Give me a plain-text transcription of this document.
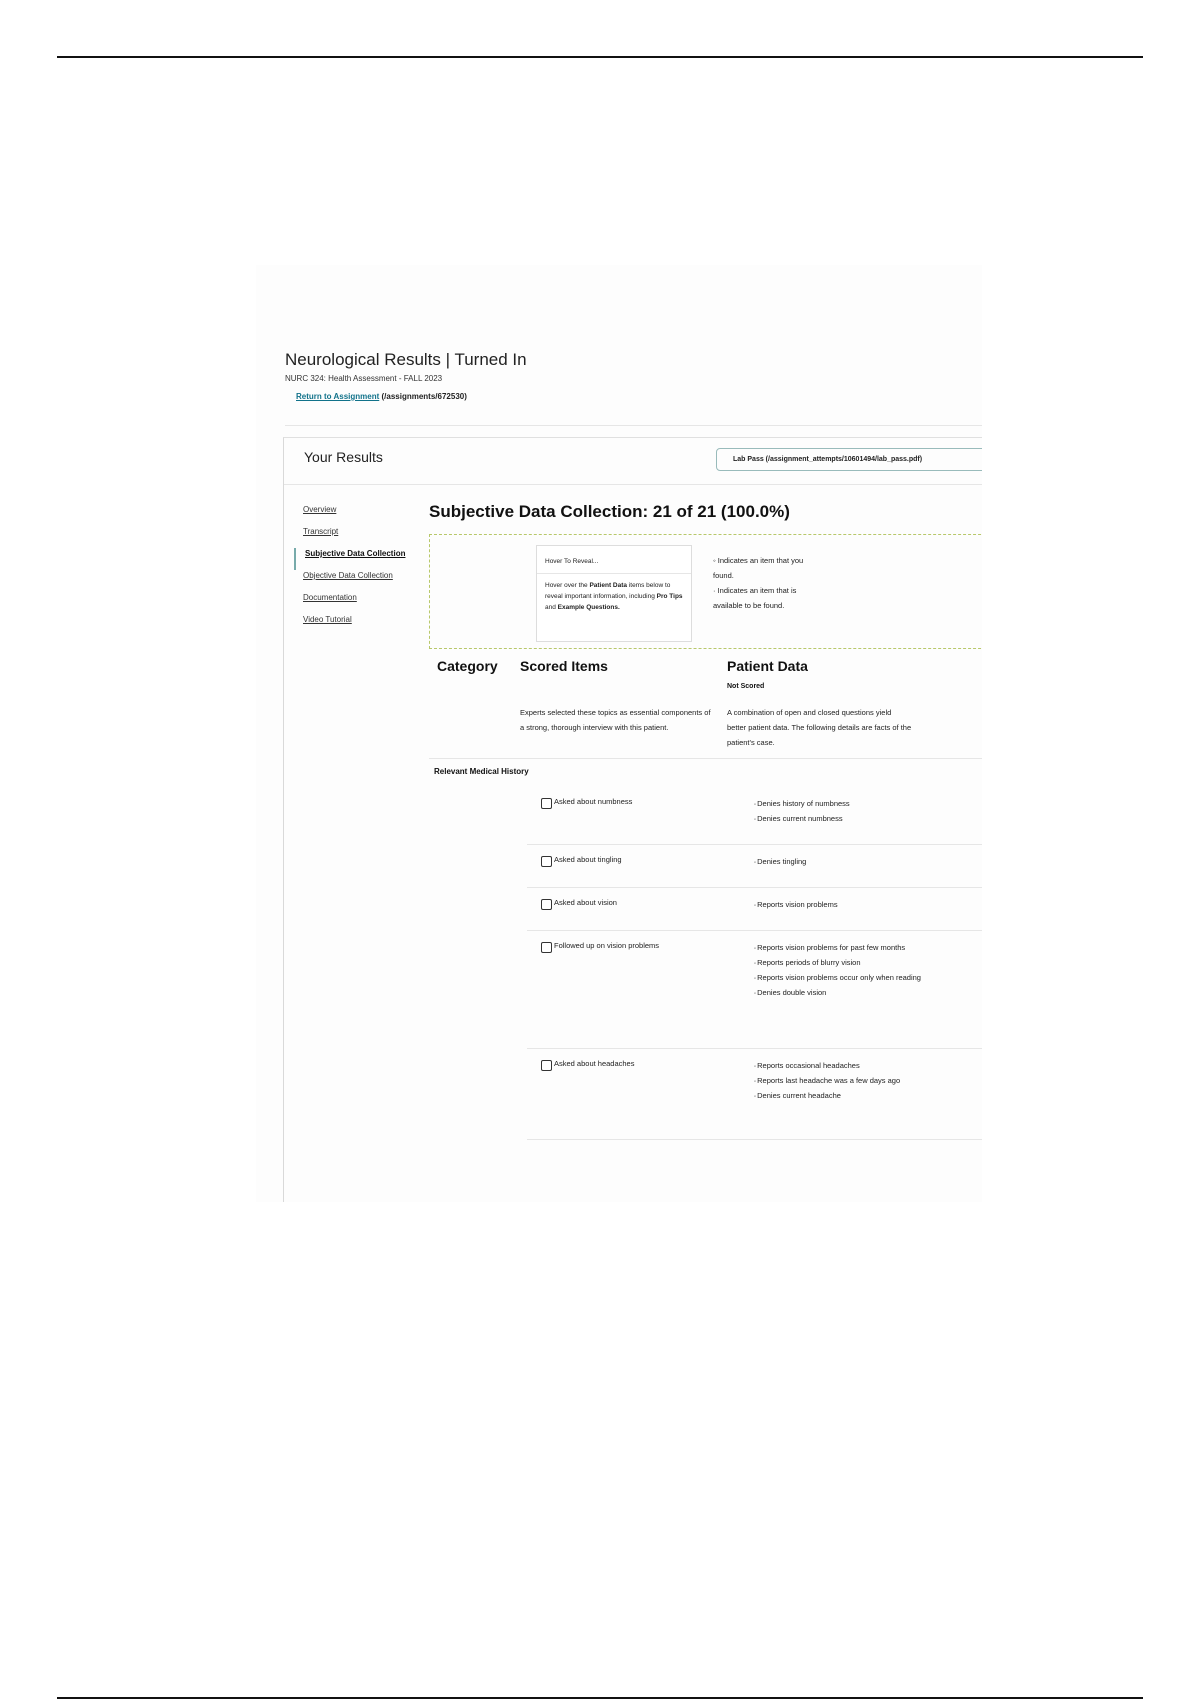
Neurological Results | Turned In
NURC 324: Health Assessment - FALL 2023
Return to Assignment (/assignments/672530)
Your Results	Lab Pass (/assignment_attempts/10601494/lab_pass.pdf)
Overview
Transcript
Subjective Data Collection
Objective Data Collection
Documentation
Video Tutorial
Subjective Data Collection: 21 of 21 (100.0%)
Hover To Reveal...
Hover over the Patient Data items below to reveal important information, including Pro Tips and Example Questions.
◦ Indicates an item that you found.
· Indicates an item that is available to be found.
Category Scored Items	Patient Data
Not Scored
Experts selected these topics as essential components of a strong, thorough interview with this patient.
A combination of open and closed questions yield better patient data. The following details are facts of the patient's case.
Relevant Medical History
Asked about numbness	◦ Denies history of numbness
◦ Denies current numbness
Asked about tingling	◦ Denies tingling
Asked about vision	◦ Reports vision problems
Followed up on vision problems	◦ Reports vision problems for past few months
◦ Reports periods of blurry vision
◦ Reports vision problems occur only when reading
◦ Denies double vision
Asked about headaches	◦ Reports occasional headaches
◦ Reports last headache was a few days ago
◦ Denies current headache
